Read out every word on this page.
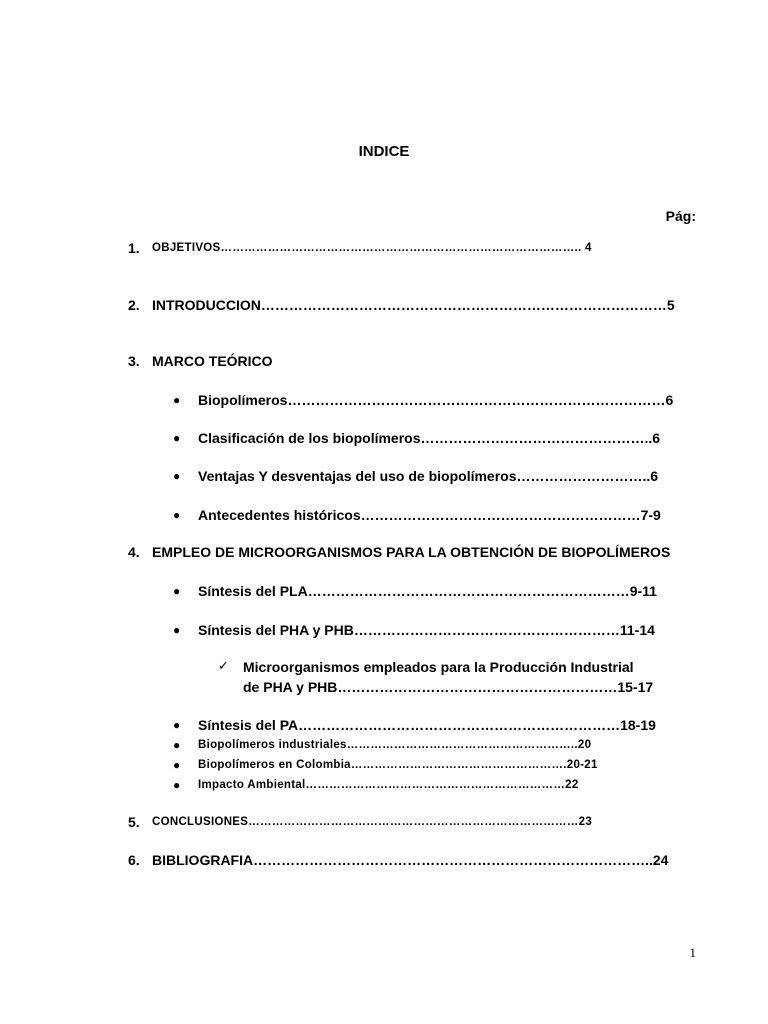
INDICE
Pág:
1. OBJETIVOS……………………………………………………………………………….. 4
2. INTRODUCCION……………………………………………………………………………5
3. MARCO TEÓRICO
● Biopolímeros………………………………………………………………………6
● Clasificación de los biopolímeros…………………………………………..6
● Ventajas Y desventajas del uso de biopolímeros………………………..6
● Antecedentes históricos……………………………………………………7-9
4. EMPLEO DE MICROORGANISMOS PARA LA OBTENCIÓN DE BIOPOLÍMEROS
● Síntesis del PLA……………………………………………………………9-11
● Síntesis del PHA y PHB…………………………………………………11-14
✓ Microorganismos empleados para la Producción Industrial
de PHA y PHB……………………………………………………15-17
● Síntesis del PA……………………………………………………………18-19
● Biopolímeros industriales…………………………………………………..20
● Biopolímeros en Colombia……………………………………………….20-21
● Impacto Ambiental…………………………………………………………22
5. CONCLUSIONES…………………………………………………………………………23
6. BIBLIOGRAFIA…………………………………………………………………………..24
1
